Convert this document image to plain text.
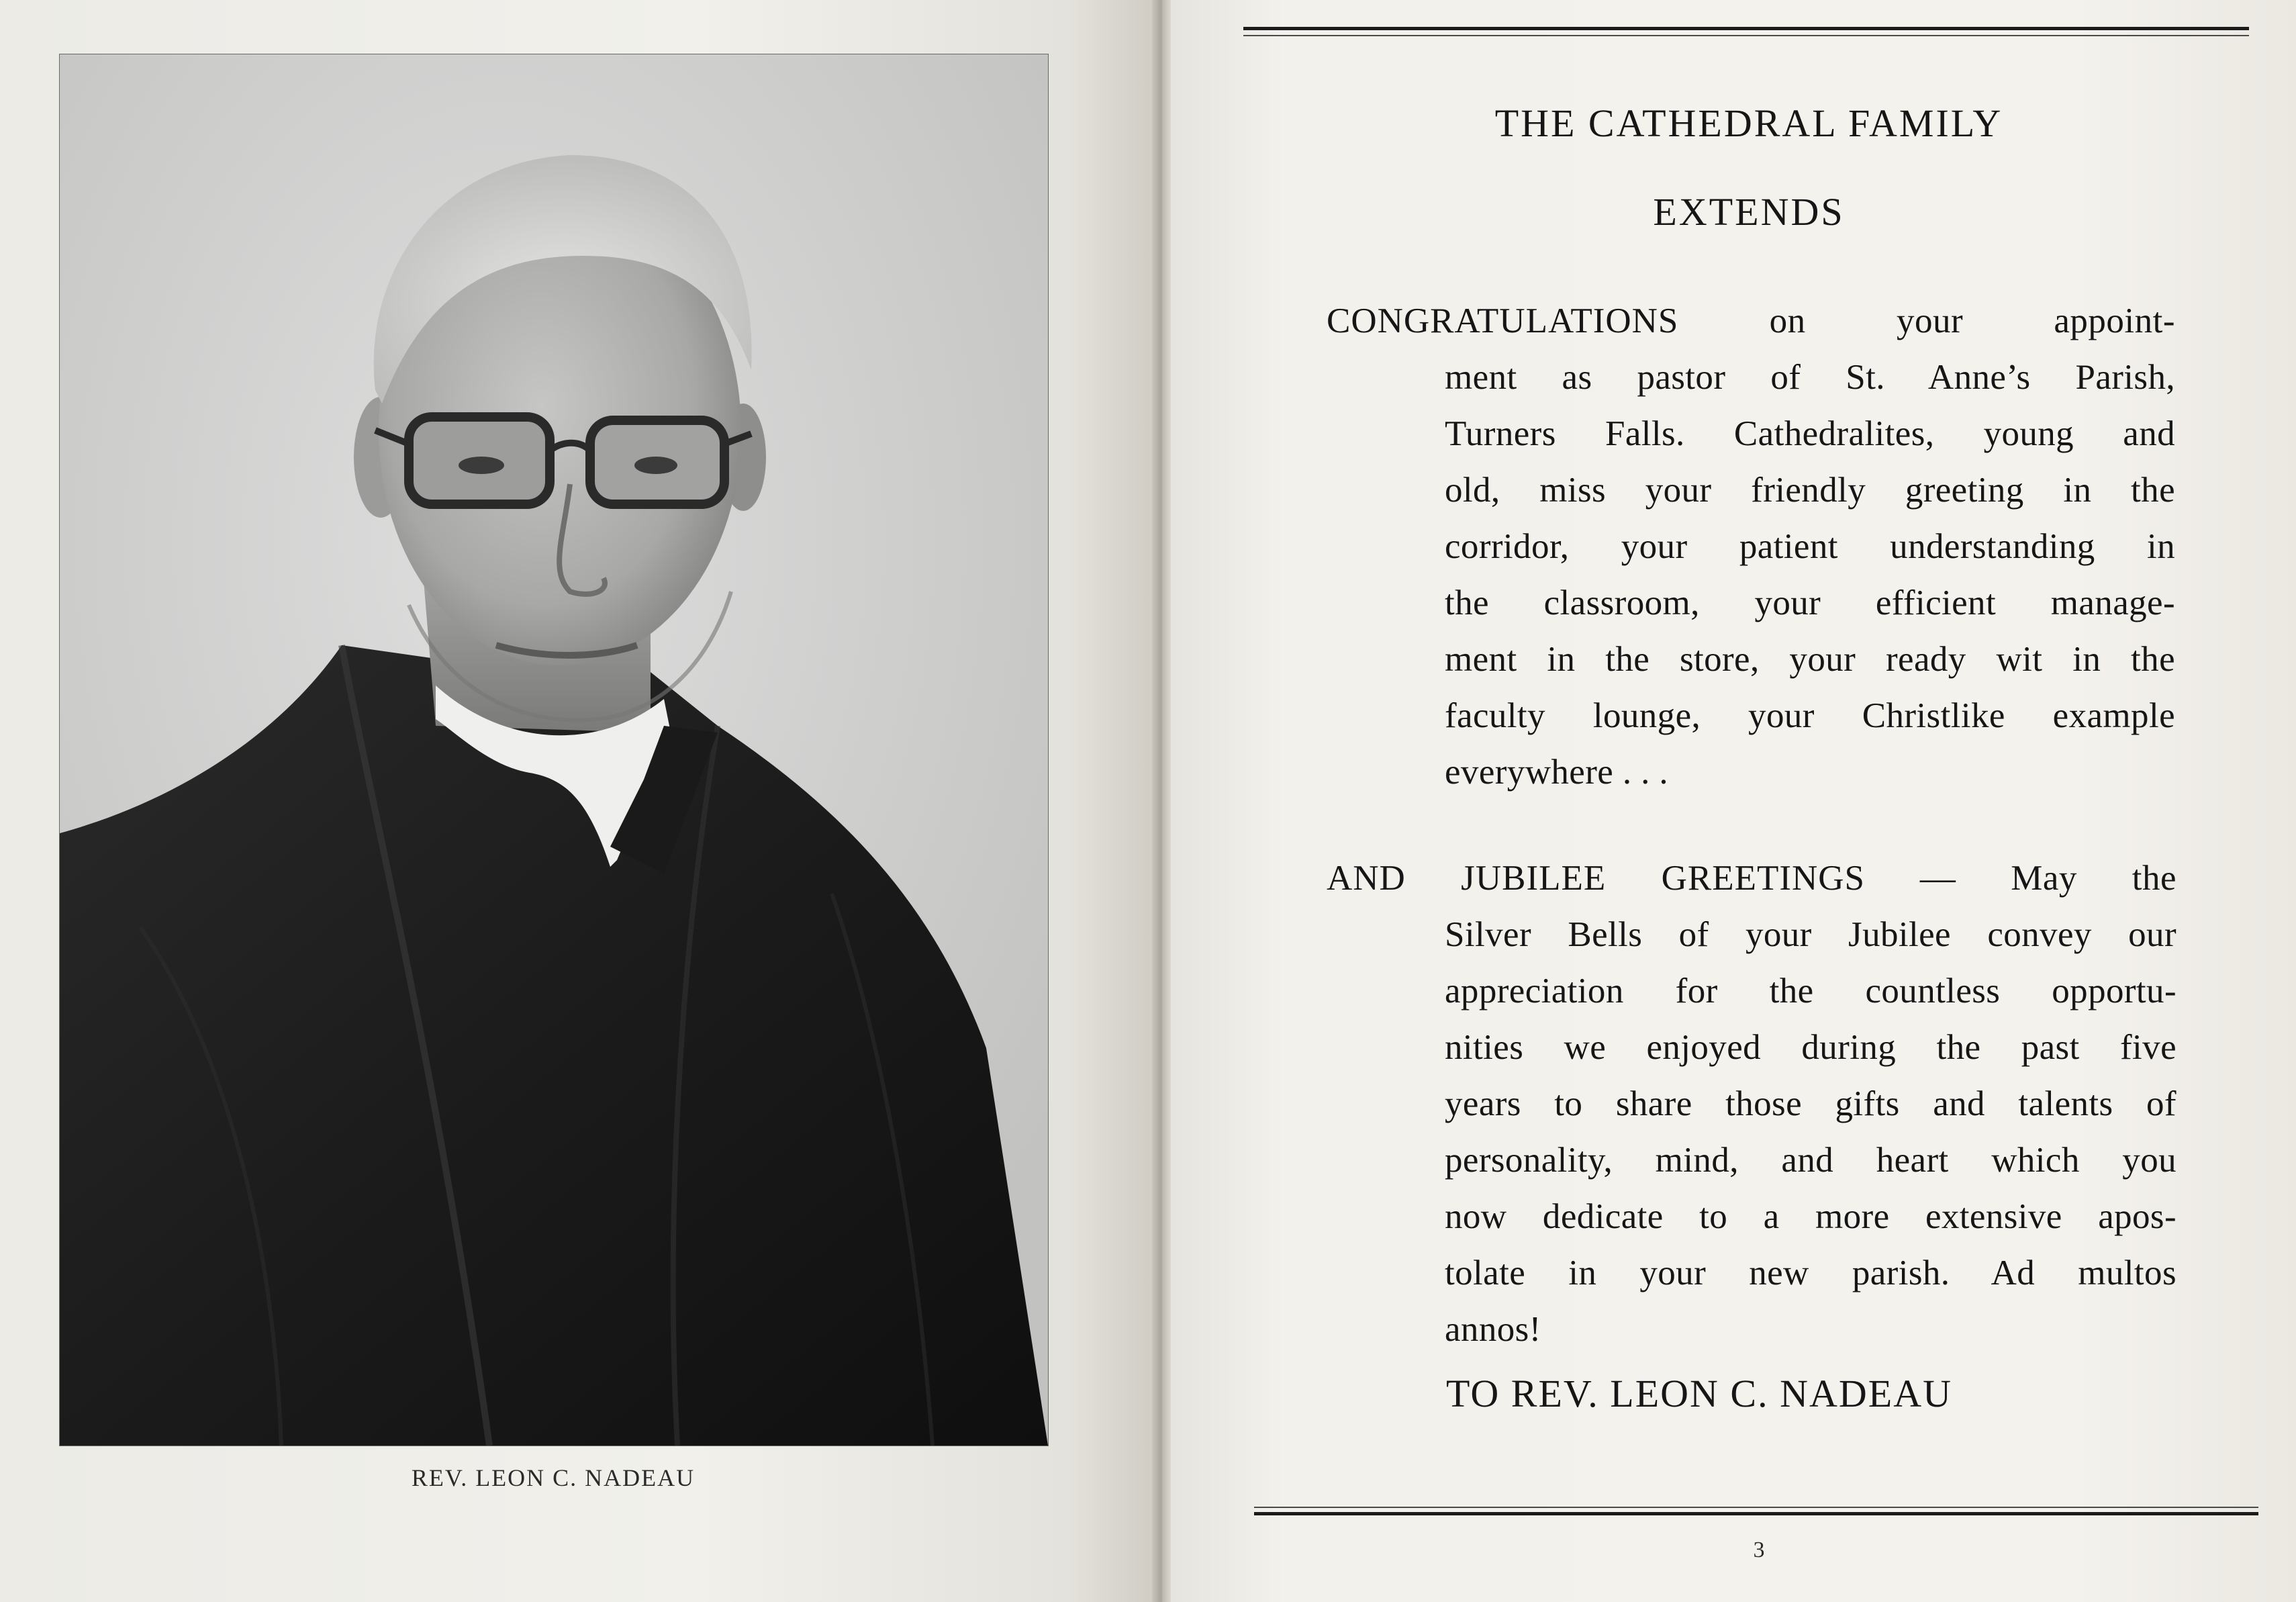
REV. LEON C. NADEAU
THE CATHEDRAL FAMILY
EXTENDS
CONGRATULATIONS on your appoint-
ment as pastor of St. Anne’s Parish,
Turners Falls. Cathedralites, young and
old, miss your friendly greeting in the
corridor, your patient understanding in
the classroom, your efficient manage-
ment in the store, your ready wit in the
faculty lounge, your Christlike example
everywhere . . .
AND JUBILEE GREETINGS — May the
Silver Bells of your Jubilee convey our
appreciation for the countless opportu-
nities we enjoyed during the past five
years to share those gifts and talents of
personality, mind, and heart which you
now dedicate to a more extensive apos-
tolate in your new parish. Ad multos
annos!
TO REV. LEON C. NADEAU
3
